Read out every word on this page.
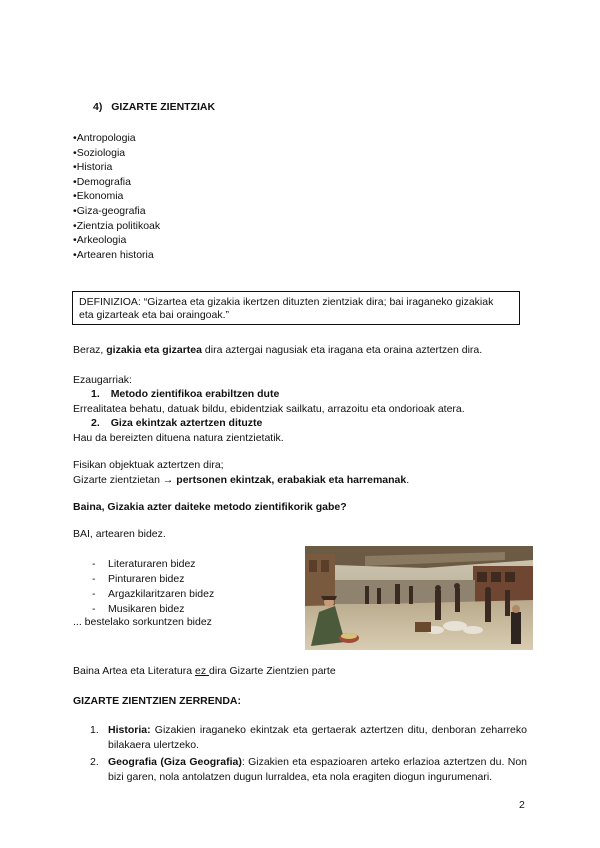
4) GIZARTE ZIENTZIAK
•Antropologia
•Soziologia
•Historia
•Demografia
•Ekonomia
•Giza-geografia
•Zientzia politikoak
•Arkeologia
•Artearen historia
DEFINIZIOA: “Gizartea eta gizakia ikertzen dituzten zientziak dira; bai iraganeko gizakiak
eta gizarteak eta bai oraingoak.”
Beraz, gizakia eta gizartea dira aztergai nagusiak eta iragana eta oraina aztertzen dira.
Ezaugarriak:
1. Metodo zientifikoa erabiltzen dute
Errealitatea behatu, datuak bildu, ebidentziak sailkatu, arrazoitu eta ondorioak atera.
2. Giza ekintzak aztertzen dituzte
Hau da bereizten dituena natura zientzietatik.
Fisikan objektuak aztertzen dira;
Gizarte zientzietan → pertsonen ekintzak, erabakiak eta harremanak.
Baina, Gizakia azter daiteke metodo zientifikorik gabe?
BAI, artearen bidez.
- Literaturaren bidez
- Pinturaren bidez
- Argazkilaritzaren bidez
- Musikaren bidez
... bestelako sorkuntzen bidez
Baina Artea eta Literatura ez dira Gizarte Zientzien parte
GIZARTE ZIENTZIEN ZERRENDA:
1. Historia: Gizakien iraganeko ekintzak eta gertaerak aztertzen ditu, denboran zeharreko bilakaera ulertzeko.
2. Geografia (Giza Geografia): Gizakien eta espazioaren arteko erlazioa aztertzen du. Non bizi garen, nola antolatzen dugun lurraldea, eta nola eragiten diogun ingurumenari.
2
